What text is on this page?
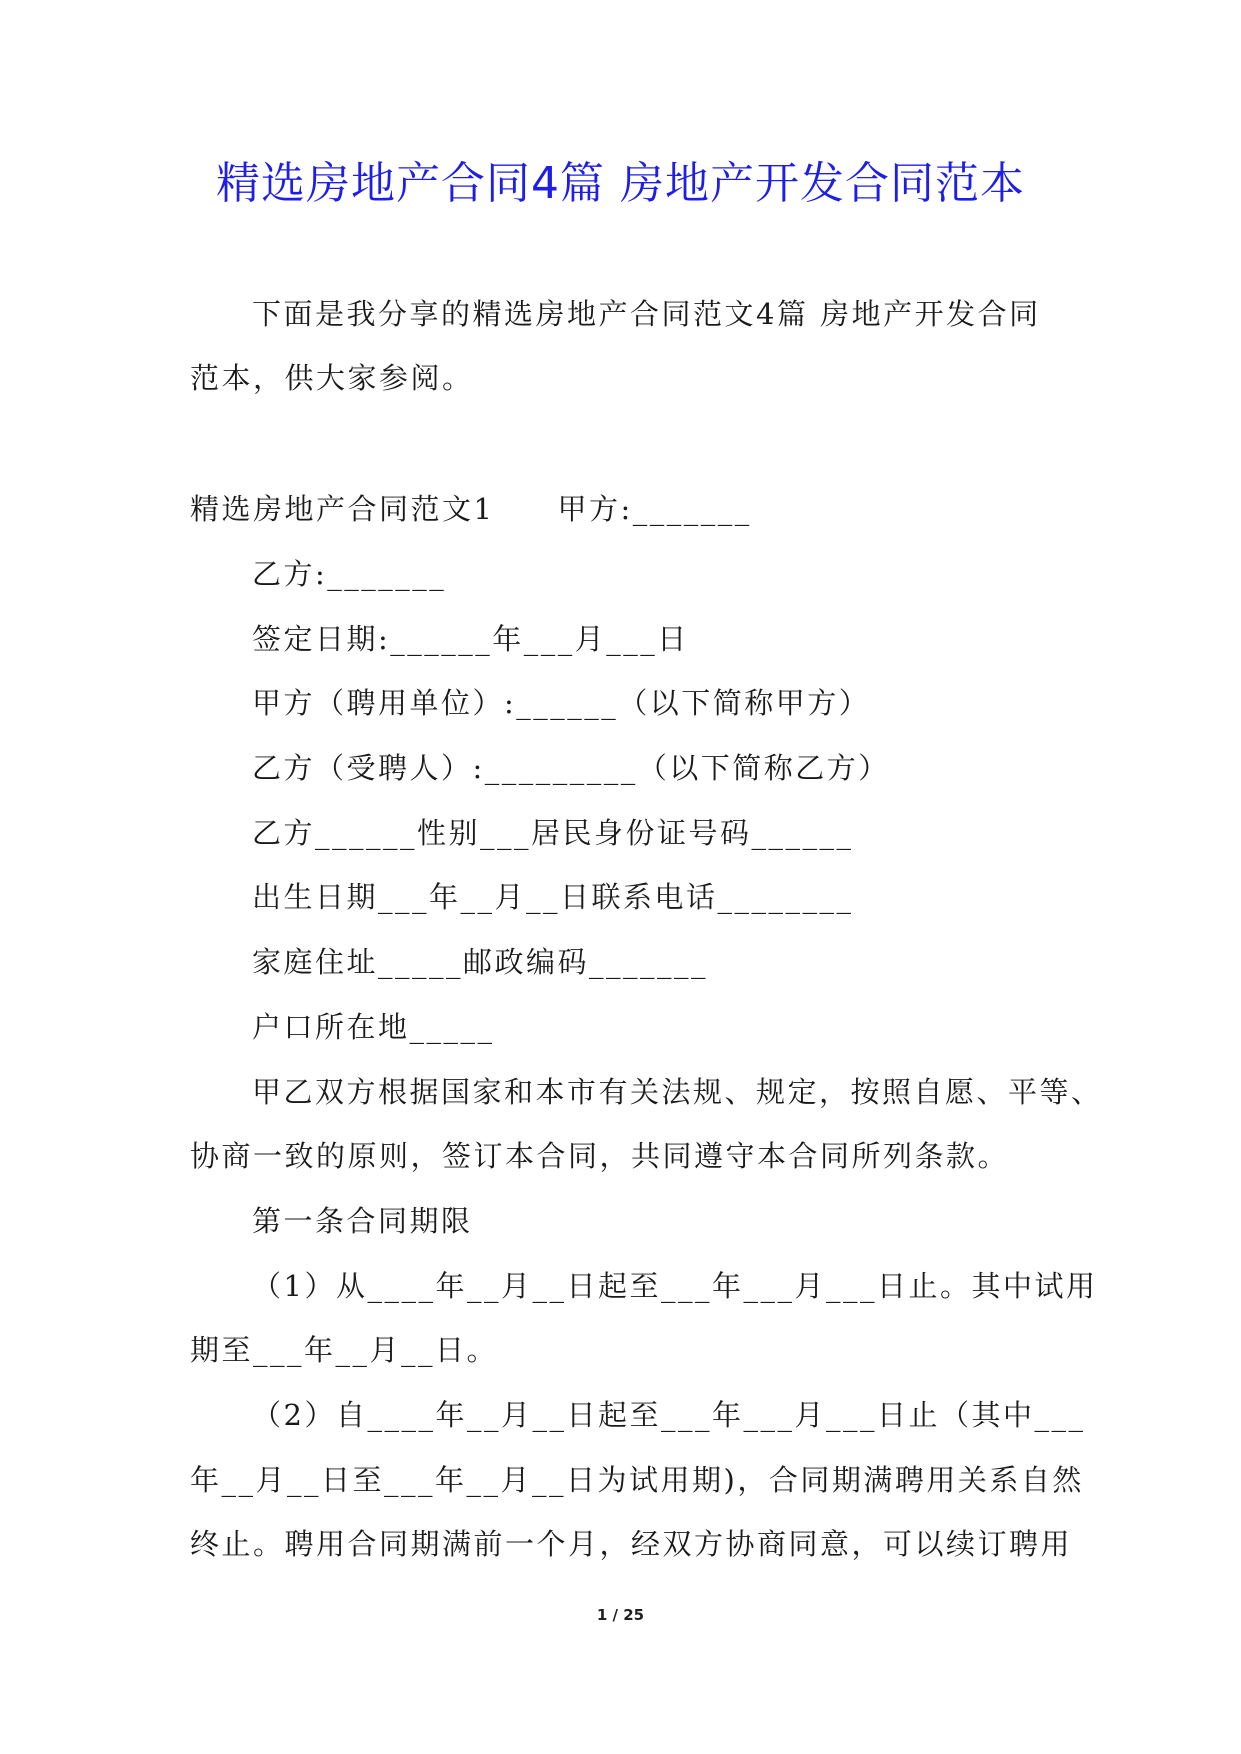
精选房地产合同4篇 房地产开发合同范本
下面是我分享的精选房地产合同范文4篇 房地产开发合同
范本，供大家参阅。
精选房地产合同范文1　　甲方:_______
乙方:_______
签定日期:______年___月___日
甲方（聘用单位）:______（以下简称甲方）
乙方（受聘人）:_________（以下简称乙方）
乙方______性别___居民身份证号码______
出生日期___年__月__日联系电话________
家庭住址_____邮政编码_______
户口所在地_____
甲乙双方根据国家和本市有关法规、规定，按照自愿、平等、
协商一致的原则，签订本合同，共同遵守本合同所列条款。
第一条合同期限
（1）从____年__月__日起至___年___月___日止。其中试用
期至___年__月__日。
（2）自____年__月__日起至___年___月___日止（其中___
年__月__日至___年__月__日为试用期)，合同期满聘用关系自然
终止。聘用合同期满前一个月，经双方协商同意，可以续订聘用
1 / 25
